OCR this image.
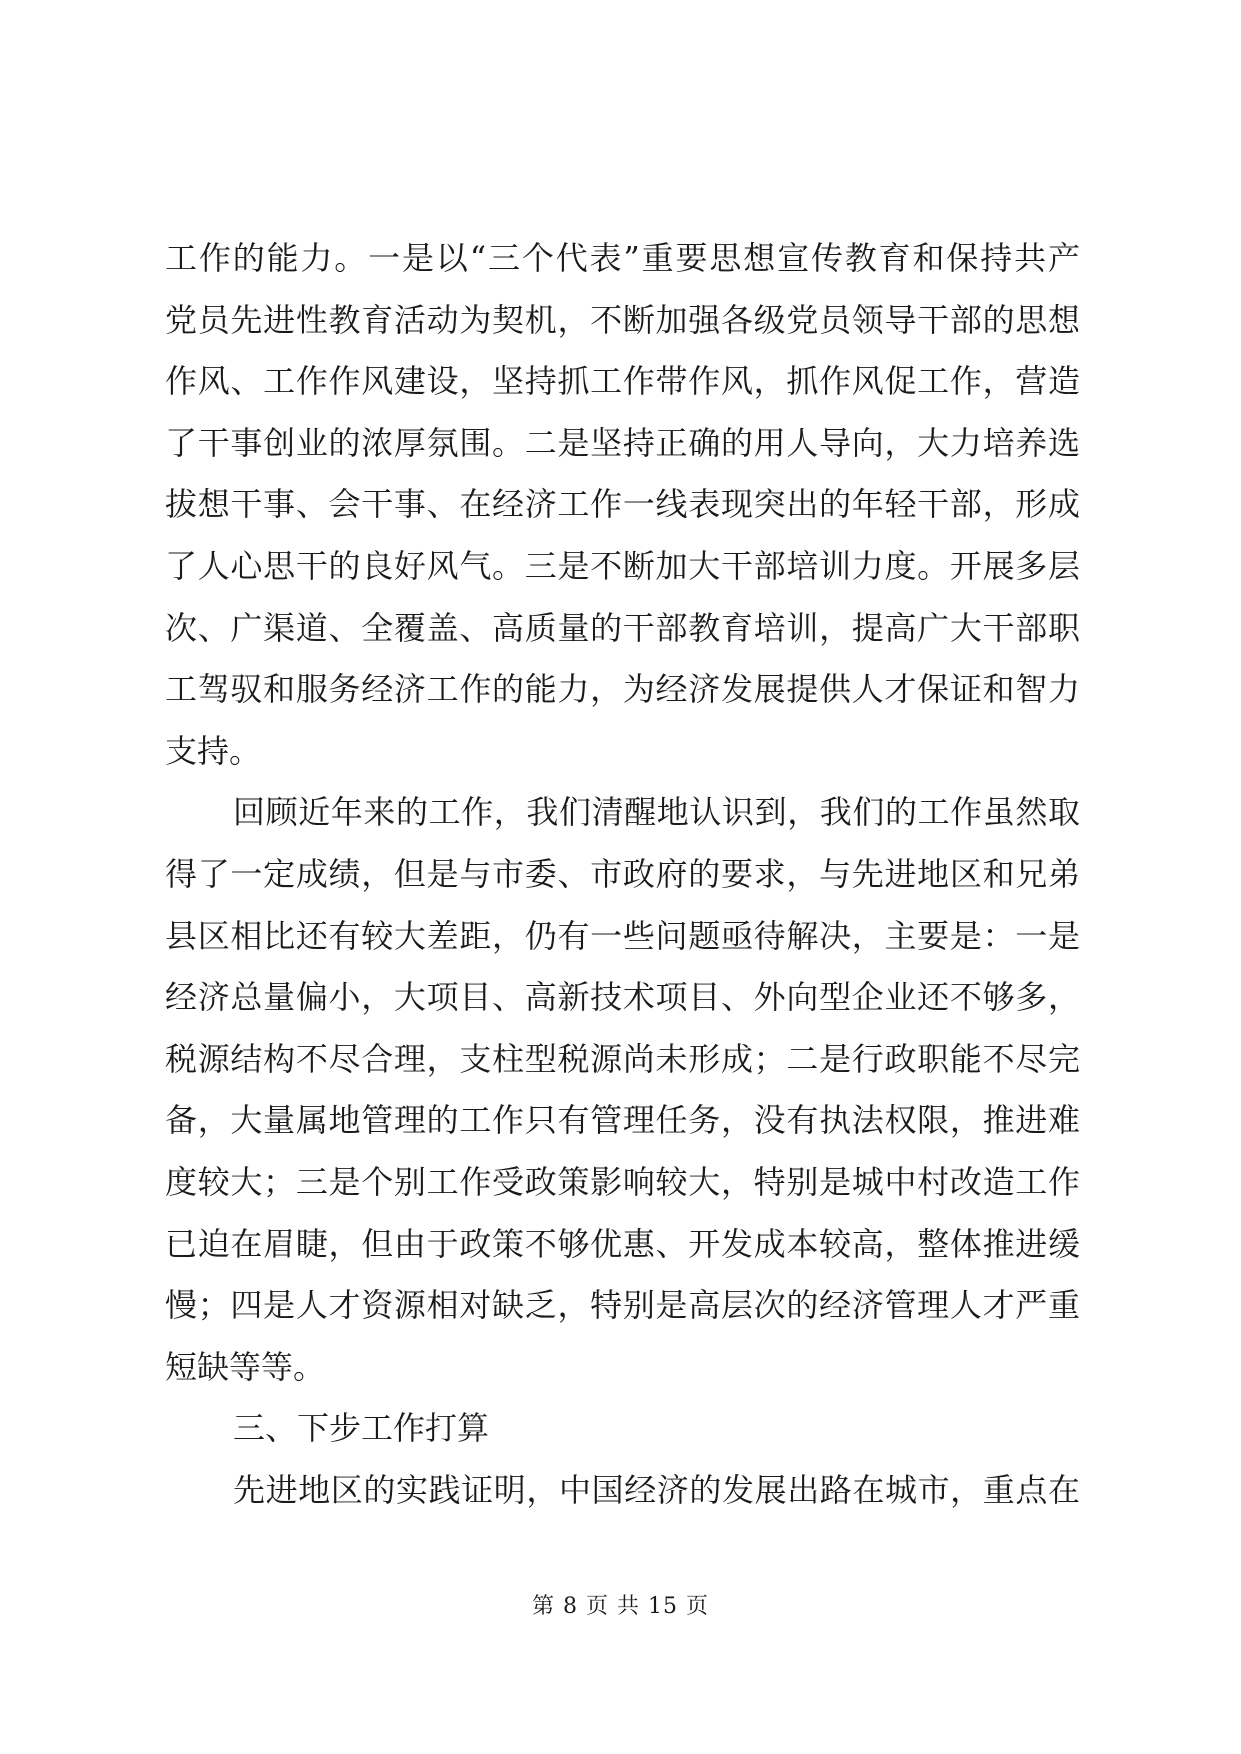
工作的能力。一是以“三个代表”重要思想宣传教育和保持共产
党员先进性教育活动为契机，不断加强各级党员领导干部的思想
作风、工作作风建设，坚持抓工作带作风，抓作风促工作，营造
了干事创业的浓厚氛围。二是坚持正确的用人导向，大力培养选
拔想干事、会干事、在经济工作一线表现突出的年轻干部，形成
了人心思干的良好风气。三是不断加大干部培训力度。开展多层
次、广渠道、全覆盖、高质量的干部教育培训，提高广大干部职
工驾驭和服务经济工作的能力，为经济发展提供人才保证和智力
支持。
回顾近年来的工作，我们清醒地认识到，我们的工作虽然取
得了一定成绩，但是与市委、市政府的要求，与先进地区和兄弟
县区相比还有较大差距，仍有一些问题亟待解决，主要是：一是
经济总量偏小，大项目、高新技术项目、外向型企业还不够多，
税源结构不尽合理，支柱型税源尚未形成；二是行政职能不尽完
备，大量属地管理的工作只有管理任务，没有执法权限，推进难
度较大；三是个别工作受政策影响较大，特别是城中村改造工作
已迫在眉睫，但由于政策不够优惠、开发成本较高，整体推进缓
慢；四是人才资源相对缺乏，特别是高层次的经济管理人才严重
短缺等等。
三、下步工作打算
先进地区的实践证明，中国经济的发展出路在城市，重点在
第 8 页 共 15 页
